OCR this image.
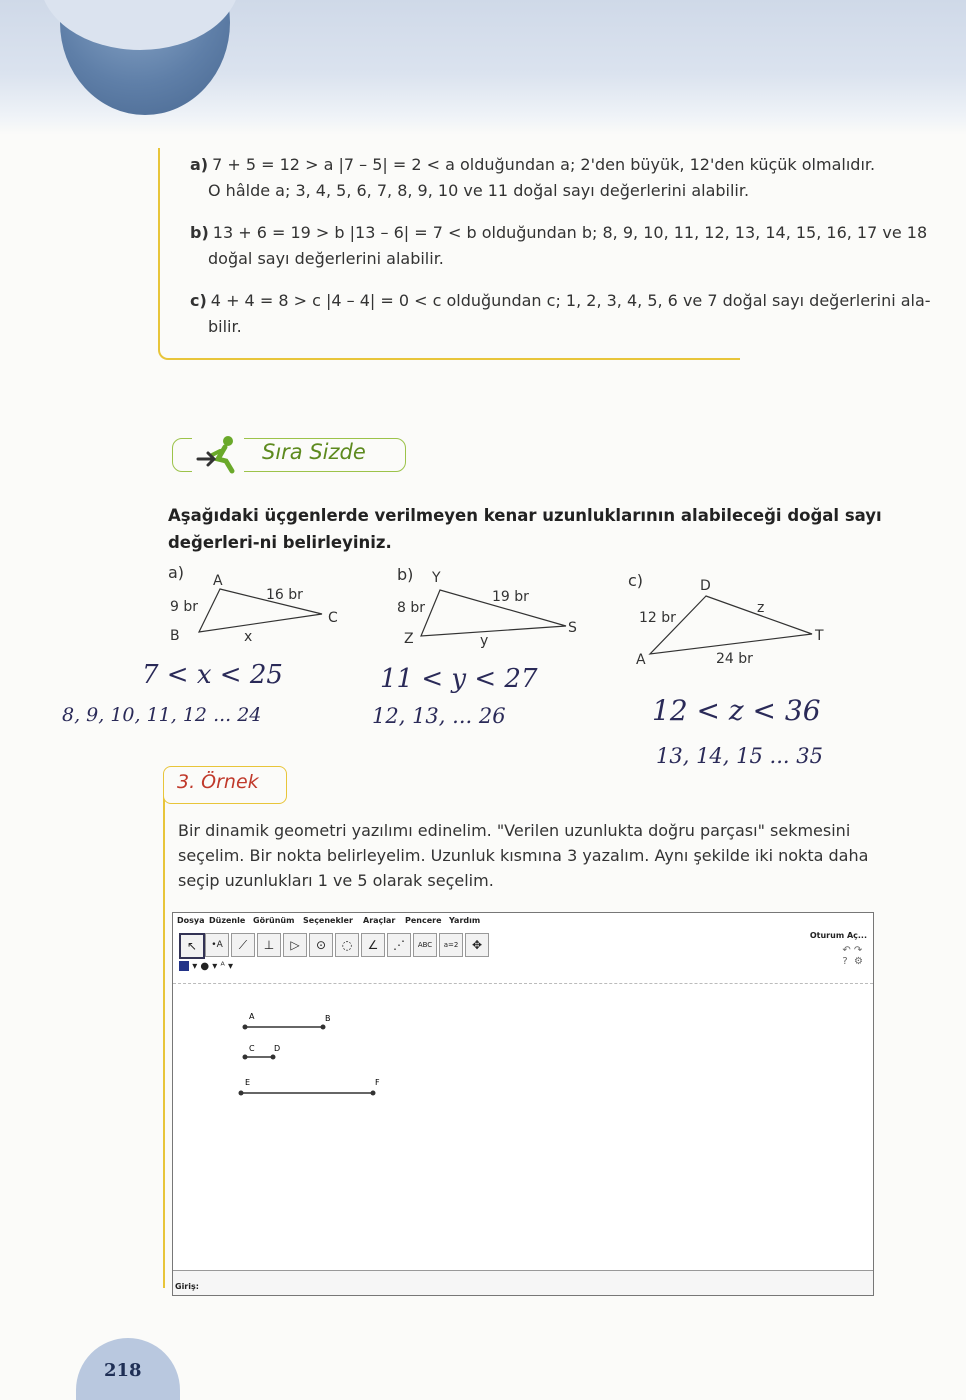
a) 7 + 5 = 12 > a |7 – 5| = 2 < a olduğundan a; 2'den büyük, 12'den küçük olmalıdır.
O hâlde a; 3, 4, 5, 6, 7, 8, 9, 10 ve 11 doğal sayı değerlerini alabilir.
b) 13 + 6 = 19 > b |13 – 6| = 7 < b olduğundan b; 8, 9, 10, 11, 12, 13, 14, 15, 16, 17 ve 18
doğal sayı değerlerini alabilir.
c) 4 + 4 = 8 > c |4 – 4| = 0 < c olduğundan c; 1, 2, 3, 4, 5, 6 ve 7 doğal sayı değerlerini ala-
bilir.
Sıra Sizde
Aşağıdaki üçgenlerde verilmeyen kenar uzunluklarının alabileceği doğal sayı değerleri-ni belirleyiniz.
a) A
B
C
9 br
16 br
x
b) Y
Z
S
8 br
19 br
y
c)	D
A
T
12 br
24 br
z
7 < x < 25
8, 9, 10, 11, 12 ... 24
11 < y < 27
12, 13, ... 26	12 < z < 36
13, 14, 15 ... 35
3. Örnek
Bir dinamik geometri yazılımı edinelim. "Verilen uzunlukta doğru parçası" sekmesini seçelim. Bir nokta belirleyelim. Uzunluk kısmına 3 yazalım. Aynı şekilde iki nokta daha seçip uzunlukları 1 ve 5 olarak seçelim.
Dosya Düzenle Görünüm Seçenekler Araçlar Pencere Yardım
Oturum Aç...
↖	•A	⟋	⊥	▷	⊙	◌	∠	⋰	ABC	a=2	✥
▾ ● ▾ ᴬ ▾
↶ ↷
?  ⚙
A	B
C D
E	F
Giriş:
218
